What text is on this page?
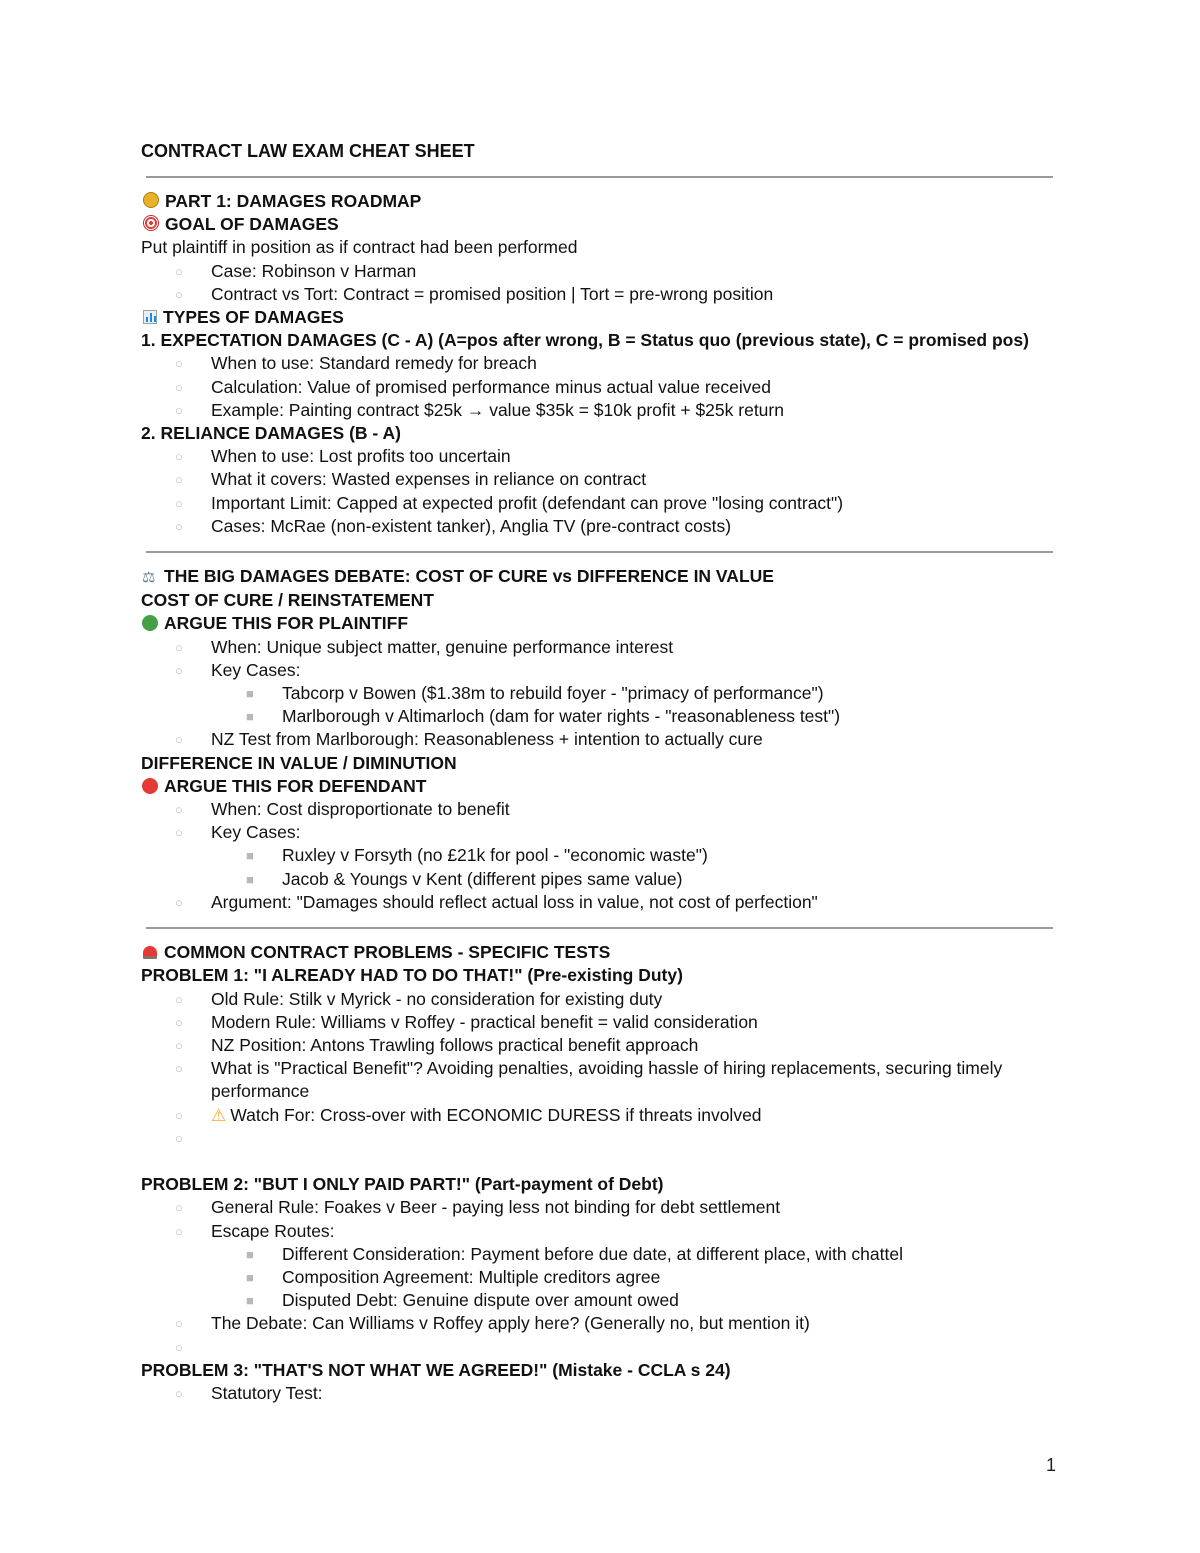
CONTRACT LAW EXAM CHEAT SHEET
PART 1: DAMAGES ROADMAP
GOAL OF DAMAGES
Put plaintiff in position as if contract had been performed
○ Case: Robinson v Harman
○ Contract vs Tort: Contract = promised position | Tort = pre-wrong position
TYPES OF DAMAGES
1. EXPECTATION DAMAGES (C - A) (A=pos after wrong, B = Status quo (previous state), C = promised pos)
○ When to use: Standard remedy for breach
○ Calculation: Value of promised performance minus actual value received
○ Example: Painting contract $25k → value $35k = $10k profit + $25k return
2. RELIANCE DAMAGES (B - A)
○ When to use: Lost profits too uncertain
○ What it covers: Wasted expenses in reliance on contract
○ Important Limit: Capped at expected profit (defendant can prove "losing contract")
○ Cases: McRae (non-existent tanker), Anglia TV (pre-contract costs)
⚖ THE BIG DAMAGES DEBATE: COST OF CURE vs DIFFERENCE IN VALUE
COST OF CURE / REINSTATEMENT
ARGUE THIS FOR PLAINTIFF
○ When: Unique subject matter, genuine performance interest
○ Key Cases:
■ Tabcorp v Bowen ($1.38m to rebuild foyer - "primacy of performance")
■ Marlborough v Altimarloch (dam for water rights - "reasonableness test")
○ NZ Test from Marlborough: Reasonableness + intention to actually cure
DIFFERENCE IN VALUE / DIMINUTION
ARGUE THIS FOR DEFENDANT
○ When: Cost disproportionate to benefit
○ Key Cases:
■ Ruxley v Forsyth (no £21k for pool - "economic waste")
■ Jacob & Youngs v Kent (different pipes same value)
○ Argument: "Damages should reflect actual loss in value, not cost of perfection"
COMMON CONTRACT PROBLEMS - SPECIFIC TESTS
PROBLEM 1: "I ALREADY HAD TO DO THAT!" (Pre-existing Duty)
○ Old Rule: Stilk v Myrick - no consideration for existing duty
○ Modern Rule: Williams v Roffey - practical benefit = valid consideration
○ NZ Position: Antons Trawling follows practical benefit approach
○ What is "Practical Benefit"? Avoiding penalties, avoiding hassle of hiring replacements, securing timely performance
○ ⚠ Watch For: Cross-over with ECONOMIC DURESS if threats involved
○

PROBLEM 2: "BUT I ONLY PAID PART!" (Part-payment of Debt)
○ General Rule: Foakes v Beer - paying less not binding for debt settlement
○ Escape Routes:
■ Different Consideration: Payment before due date, at different place, with chattel
■ Composition Agreement: Multiple creditors agree
■ Disputed Debt: Genuine dispute over amount owed
○ The Debate: Can Williams v Roffey apply here? (Generally no, but mention it)
○

PROBLEM 3: "THAT'S NOT WHAT WE AGREED!" (Mistake - CCLA s 24)
○ Statutory Test:
1
